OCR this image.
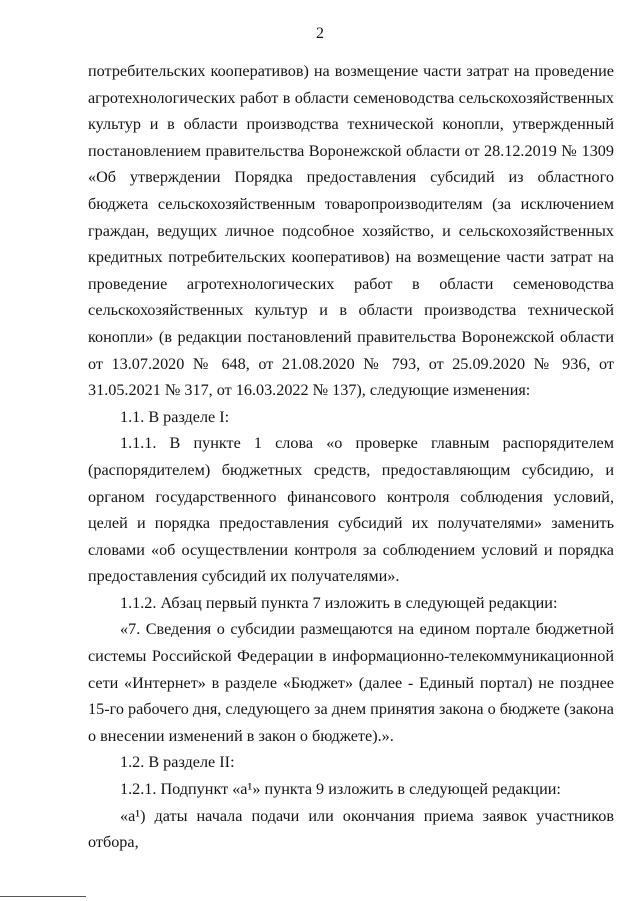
2

потребительских кооперативов) на возмещение части затрат на проведение агротехнологических работ в области семеноводства сельскохозяйственных культур и в области производства технической конопли, утвержденный постановлением правительства Воронежской области от 28.12.2019 № 1309 «Об утверждении Порядка предоставления субсидий из областного бюджета сельскохозяйственным товаропроизводителям (за исключением граждан, ведущих личное подсобное хозяйство, и сельскохозяйственных кредитных потребительских кооперативов) на возмещение части затрат на проведение агротехнологических работ в области семеноводства сельскохозяйственных культур и в области производства технической конопли» (в редакции постановлений правительства Воронежской области от 13.07.2020 № 648, от 21.08.2020 № 793, от 25.09.2020 № 936, от 31.05.2021 № 317, от 16.03.2022 № 137), следующие изменения:

1.1. В разделе I:

1.1.1. В пункте 1 слова «о проверке главным распорядителем (распорядителем) бюджетных средств, предоставляющим субсидию, и органом государственного финансового контроля соблюдения условий, целей и порядка предоставления субсидий их получателями» заменить словами «об осуществлении контроля за соблюдением условий и порядка предоставления субсидий их получателями».

1.1.2. Абзац первый пункта 7 изложить в следующей редакции:

«7. Сведения о субсидии размещаются на едином портале бюджетной системы Российской Федерации в информационно-телекоммуникационной сети «Интернет» в разделе «Бюджет» (далее - Единый портал) не позднее 15-го рабочего дня, следующего за днем принятия закона о бюджете (закона о внесении изменений в закон о бюджете).».

1.2. В разделе II:

1.2.1. Подпункт «а¹» пункта 9 изложить в следующей редакции:

«а¹) даты начала подачи или окончания приема заявок участников отбора,
